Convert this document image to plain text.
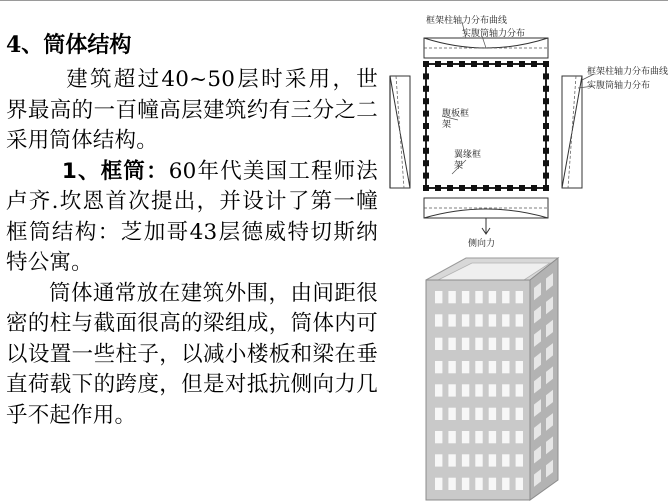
4、筒体结构

建筑超过40~50层时采用，世界最高的一百幢高层建筑约有三分之二采用筒体结构。

1、框筒：60年代美国工程师法卢齐.坎恩首次提出，并设计了第一幢框筒结构：芝加哥43层德威特切斯纳特公寓。

筒体通常放在建筑外围，由间距很密的柱与截面很高的梁组成，筒体内可以设置一些柱子，以减小楼板和梁在垂直荷载下的跨度，但是对抵抗侧向力几乎不起作用。

框架柱轴力分布曲线
实腹筒轴力分布
框架柱轴力分布曲线
实腹筒轴力分布
腹板框
架
翼缘框
架
侧向力
